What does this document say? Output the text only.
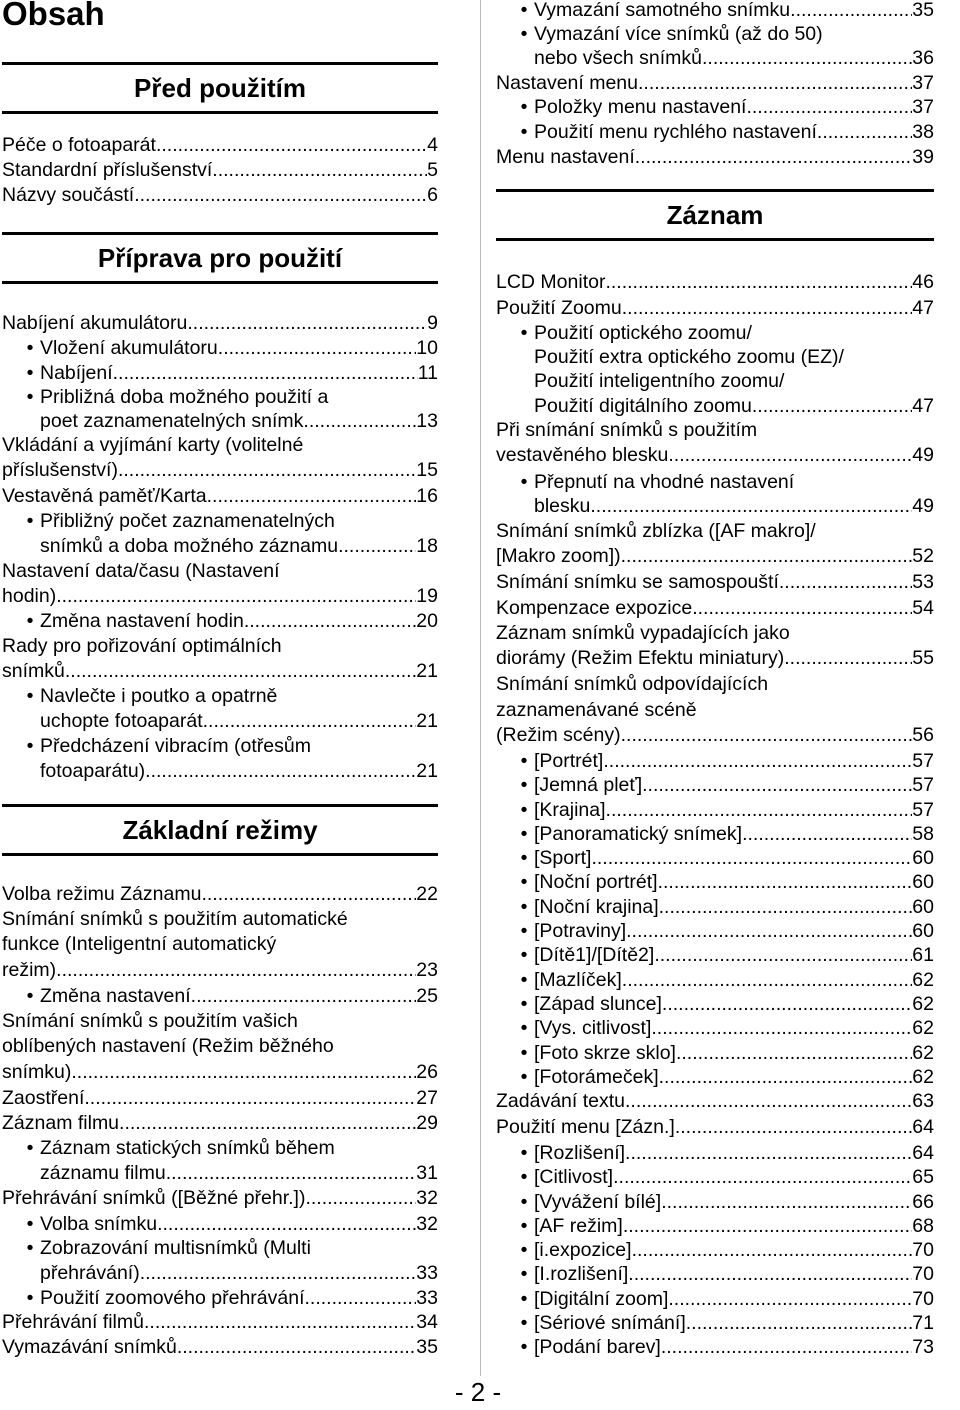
Obsah
Před použitím
Péče o fotoaparát .....	4
Standardní příslušenství .....	5
Názvy součástí .....	6
Příprava pro použití
Nabíjení akumulátoru .....	9
• Vložení akumulátoru .....	10
• Nabíjení .....	11
• Približná doba možného použití a
poet zaznamenatelných snímk .....	13
Vkládání a vyjímání karty (volitelné
příslušenství) .....	15
Vestavěná paměť/Karta .....	16
• Přibližný počet zaznamenatelných
snímků a doba možného záznamu .....	18
Nastavení data/času (Nastavení
hodin) .....	19
• Změna nastavení hodin .....	20
Rady pro pořizování optimálních
snímků .....	21
• Navlečte i poutko a opatrně
uchopte fotoaparát .....	21
• Předcházení vibracím (otřesům
fotoaparátu) .....	21
Základní režimy
Volba režimu Záznamu .....	22
Snímání snímků s použitím automatické
funkce (Inteligentní automatický
režim) .....	23
• Změna nastavení .....	25
Snímání snímků s použitím vašich
oblíbených nastavení (Režim běžného
snímku) .....	26
Zaostření .....	27
Záznam filmu .....	29
• Záznam statických snímků během
záznamu filmu .....	31
Přehrávání snímků ([Běžné přehr.]) .....	32
• Volba snímku .....	32
• Zobrazování multisnímků (Multi
přehrávání) .....	33
• Použití zoomového přehrávání .....	33
Přehrávání filmů .....	34
Vymazávání snímků .....	35
• Vymazání samotného snímku .....	35
• Vymazání více snímků (až do 50)
nebo všech snímků .....	36
Nastavení menu .....	37
• Položky menu nastavení .....	37
• Použití menu rychlého nastavení .....	38
Menu nastavení .....	39
Záznam
LCD Monitor .....	46
Použití Zoomu .....	47
• Použití optického zoomu/
Použití extra optického zoomu (EZ)/
Použití inteligentního zoomu/
Použití digitálního zoomu .....	47
Při snímání snímků s použitím
vestavěného blesku .....	49
• Přepnutí na vhodné nastavení
blesku .....	49
Snímání snímků zblízka ([AF makro]/
[Makro zoom]) .....	52
Snímání snímku se samospouští .....	53
Kompenzace expozice .....	54
Záznam snímků vypadajících jako
diorámy (Režim Efektu miniatury) .....	55
Snímání snímků odpovídajících
zaznamenávané scéně
(Režim scény) .....	56
• [Portrét] .....	57
• [Jemná pleť] .....	57
• [Krajina] .....	57
• [Panoramatický snímek] .....	58
• [Sport] .....	60
• [Noční portrét] .....	60
• [Noční krajina] .....	60
• [Potraviny] .....	60
• [Dítě1]/[Dítě2] .....	61
• [Mazlíček] .....	62
• [Západ slunce] .....	62
• [Vys. citlivost] .....	62
• [Foto skrze sklo] .....	62
• [Fotorámeček] .....	62
Zadávání textu .....	63
Použití menu [Zázn.] .....	64
• [Rozlišení] .....	64
• [Citlivost] .....	65
• [Vyvážení bílé] .....	66
• [AF režim] .....	68
• [i.expozice] .....	70
• [I.rozlišení] .....	70
• [Digitální zoom] .....	70
• [Sériové snímání] .....	71
• [Podání barev] .....	73
- 2 -
